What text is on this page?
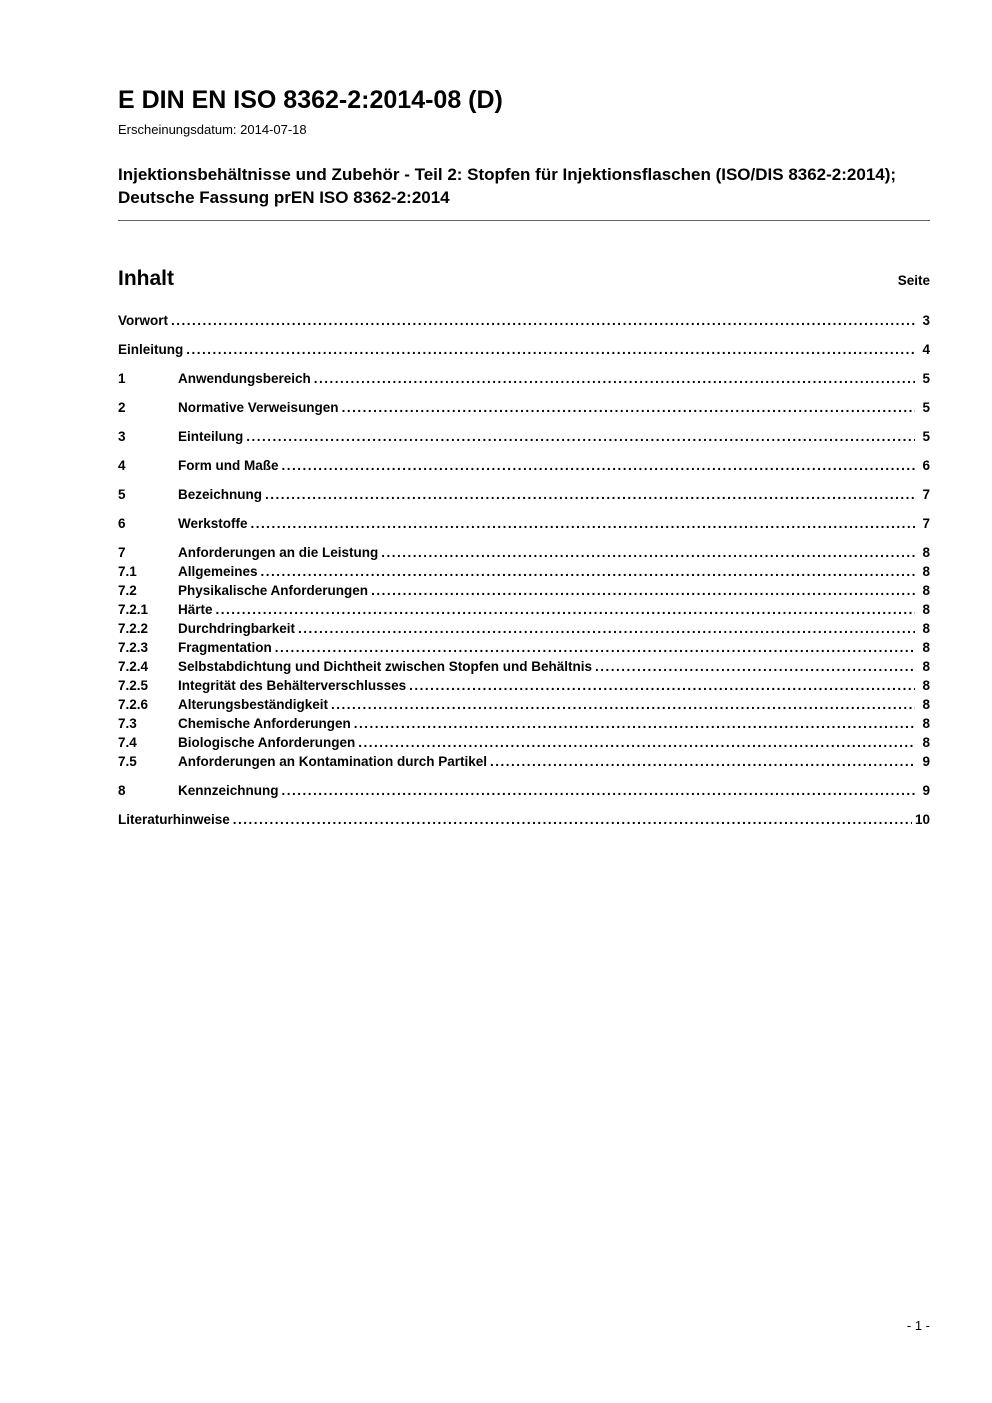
E DIN EN ISO 8362-2:2014-08 (D)
Erscheinungsdatum: 2014-07-18
Injektionsbehältnisse und Zubehör - Teil 2: Stopfen für Injektionsflaschen (ISO/DIS 8362-2:2014); Deutsche Fassung prEN ISO 8362-2:2014
Inhalt	Seite
Vorwort .....	3
Einleitung .....	4
1	Anwendungsbereich .....	5
2	Normative Verweisungen .....	5
3	Einteilung .....	5
4	Form und Maße .....	6
5	Bezeichnung .....	7
6	Werkstoffe .....	7
7	Anforderungen an die Leistung .....	8
7.1	Allgemeines .....	8
7.2	Physikalische Anforderungen .....	8
7.2.1	Härte .....	8
7.2.2	Durchdringbarkeit .....	8
7.2.3	Fragmentation .....	8
7.2.4	Selbstabdichtung und Dichtheit zwischen Stopfen und Behältnis .....	8
7.2.5	Integrität des Behälterverschlusses .....	8
7.2.6	Alterungsbeständigkeit .....	8
7.3	Chemische Anforderungen .....	8
7.4	Biologische Anforderungen .....	8
7.5	Anforderungen an Kontamination durch Partikel .....	9
8	Kennzeichnung .....	9
Literaturhinweise .....	10
- 1 -
